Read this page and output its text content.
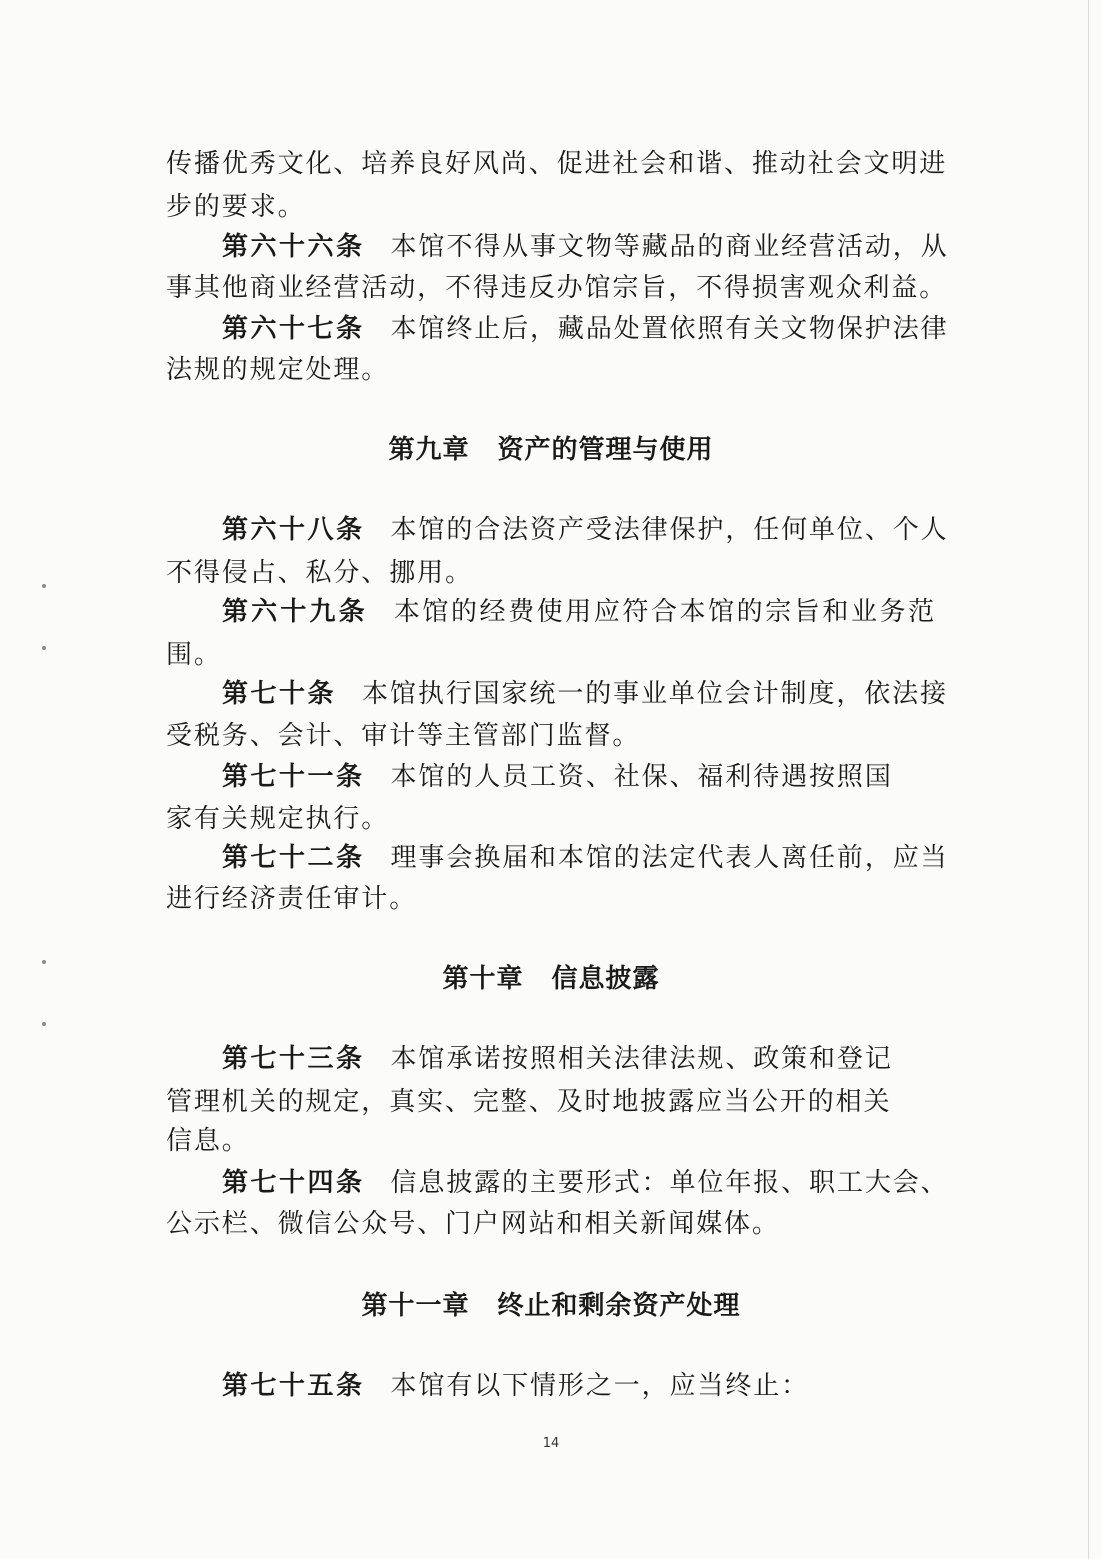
传播优秀文化、培养良好风尚、促进社会和谐、推动社会文明进
步的要求。
第六十六条 本馆不得从事文物等藏品的商业经营活动，从
事其他商业经营活动，不得违反办馆宗旨，不得损害观众利益。
第六十七条 本馆终止后，藏品处置依照有关文物保护法律
法规的规定处理。
第九章 资产的管理与使用
第六十八条 本馆的合法资产受法律保护，任何单位、个人
不得侵占、私分、挪用。
第六十九条 本馆的经费使用应符合本馆的宗旨和业务范
围。
第七十条 本馆执行国家统一的事业单位会计制度，依法接
受税务、会计、审计等主管部门监督。
第七十一条 本馆的人员工资、社保、福利待遇按照国
家有关规定执行。
第七十二条 理事会换届和本馆的法定代表人离任前，应当
进行经济责任审计。
第十章 信息披露
第七十三条 本馆承诺按照相关法律法规、政策和登记
管理机关的规定，真实、完整、及时地披露应当公开的相关
信息。
第七十四条 信息披露的主要形式：单位年报、职工大会、
公示栏、微信公众号、门户网站和相关新闻媒体。
第十一章 终止和剩余资产处理
第七十五条 本馆有以下情形之一，应当终止：
14
